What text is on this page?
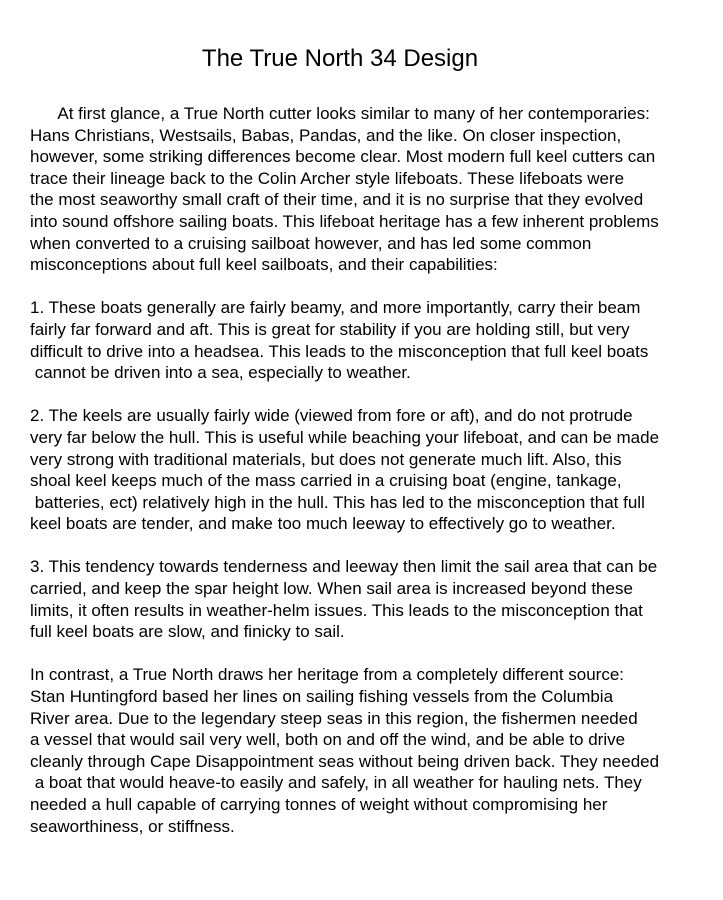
The True North 34 Design
At first glance, a True North cutter looks similar to many of her contemporaries:
Hans Christians, Westsails, Babas, Pandas, and the like. On closer inspection,
however, some striking differences become clear. Most modern full keel cutters can
trace their lineage back to the Colin Archer style lifeboats. These lifeboats were
the most seaworthy small craft of their time, and it is no surprise that they evolved
into sound offshore sailing boats. This lifeboat heritage has a few inherent problems
when converted to a cruising sailboat however, and has led some common
misconceptions about full keel sailboats, and their capabilities:
1. These boats generally are fairly beamy, and more importantly, carry their beam
fairly far forward and aft. This is great for stability if you are holding still, but very
difficult to drive into a headsea. This leads to the misconception that full keel boats
cannot be driven into a sea, especially to weather.
2. The keels are usually fairly wide (viewed from fore or aft), and do not protrude
very far below the hull. This is useful while beaching your lifeboat, and can be made
very strong with traditional materials, but does not generate much lift. Also, this
shoal keel keeps much of the mass carried in a cruising boat (engine, tankage,
batteries, ect) relatively high in the hull. This has led to the misconception that full
keel boats are tender, and make too much leeway to effectively go to weather.
3. This tendency towards tenderness and leeway then limit the sail area that can be
carried, and keep the spar height low. When sail area is increased beyond these
limits, it often results in weather-helm issues. This leads to the misconception that
full keel boats are slow, and finicky to sail.
In contrast, a True North draws her heritage from a completely different source:
Stan Huntingford based her lines on sailing fishing vessels from the Columbia
River area. Due to the legendary steep seas in this region, the fishermen needed
a vessel that would sail very well, both on and off the wind, and be able to drive
cleanly through Cape Disappointment seas without being driven back. They needed
a boat that would heave-to easily and safely, in all weather for hauling nets. They
needed a hull capable of carrying tonnes of weight without compromising her
seaworthiness, or stiffness.
